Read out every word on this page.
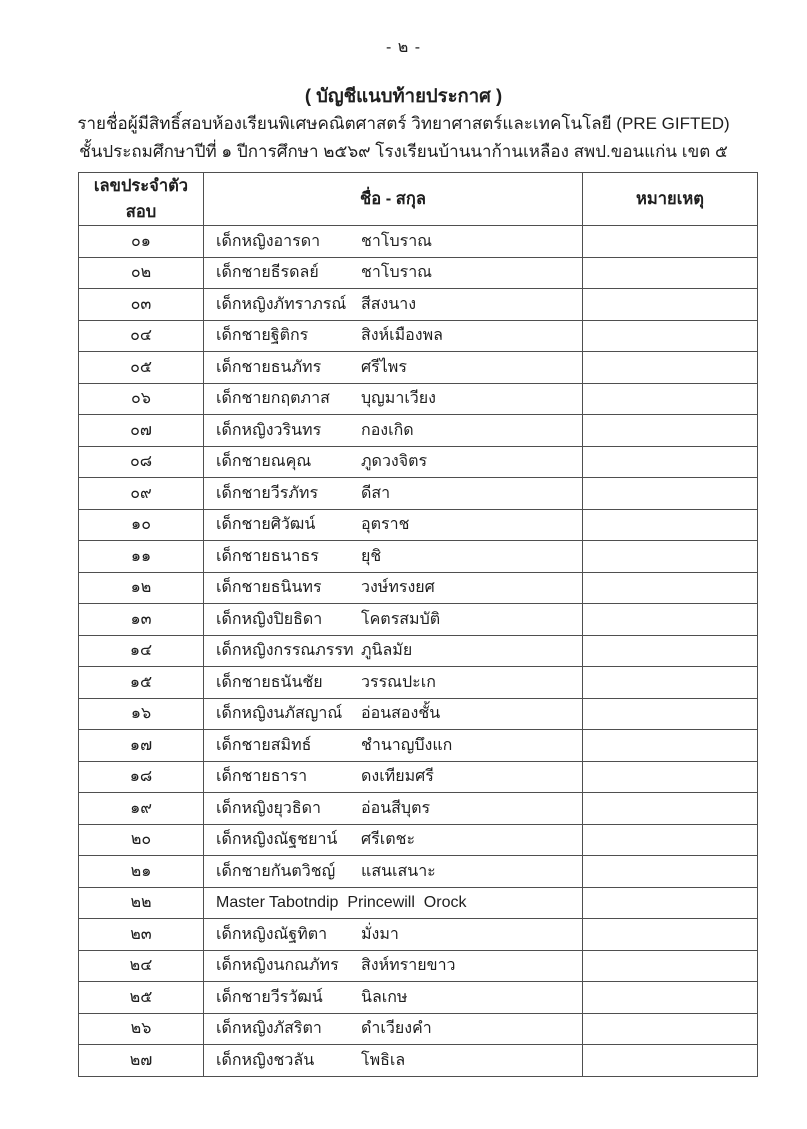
- ๒ -
( บัญชีแนบท้ายประกาศ )
รายชื่อผู้มีสิทธิ์สอบห้องเรียนพิเศษคณิตศาสตร์ วิทยาศาสตร์และเทคโนโลยี (PRE GIFTED)
ชั้นประถมศึกษาปีที่ ๑ ปีการศึกษา ๒๕๖๙ โรงเรียนบ้านนาก้านเหลือง สพป.ขอนแก่น เขต ๕
เลขประจำตัวสอบ	ชื่อ - สกุล	หมายเหตุ
๐๑	เด็กหญิงอารดา ชาโบราณ	
๐๒	เด็กชายธีรดลย์ ชาโบราณ	
๐๓	เด็กหญิงภัทราภรณ์ สีสงนาง	
๐๔	เด็กชายฐิติกร สิงห์เมืองพล	
๐๕	เด็กชายธนภัทร ศรีไพร	
๐๖	เด็กชายกฤตภาส บุญมาเวียง	
๐๗	เด็กหญิงวรินทร กองเกิด	
๐๘	เด็กชายณคุณ ภูดวงจิตร	
๐๙	เด็กชายวีรภัทร ดีสา	
๑๐	เด็กชายศิวัฒน์ อุตราช	
๑๑	เด็กชายธนาธร ยุชิ	
๑๒	เด็กชายธนินทร วงษ์ทรงยศ	
๑๓	เด็กหญิงปิยธิดา โคตรสมบัติ	
๑๔	เด็กหญิงกรรณภรรท ภูนิลมัย	
๑๕	เด็กชายธนันชัย วรรณปะเก	
๑๖	เด็กหญิงนภัสญาณ์ อ่อนสองชั้น	
๑๗	เด็กชายสมิทธ์ ชำนาญบึงแก	
๑๘	เด็กชายธารา ดงเทียมศรี	
๑๙	เด็กหญิงยุวธิดา อ่อนสีบุตร	
๒๐	เด็กหญิงณัฐชยาน์ ศรีเตชะ	
๒๑	เด็กชายกันตวิชญ์ แสนเสนาะ	
๒๒	Master Tabotndip  Princewill  Orock	
๒๓	เด็กหญิงณัฐทิตา มั่งมา	
๒๔	เด็กหญิงนกณภัทร สิงห์ทรายขาว	
๒๕	เด็กชายวีรวัฒน์ นิลเกษ	
๒๖	เด็กหญิงภัสริตา ดำเวียงคำ	
๒๗	เด็กหญิงชวลัน โพธิเล	
